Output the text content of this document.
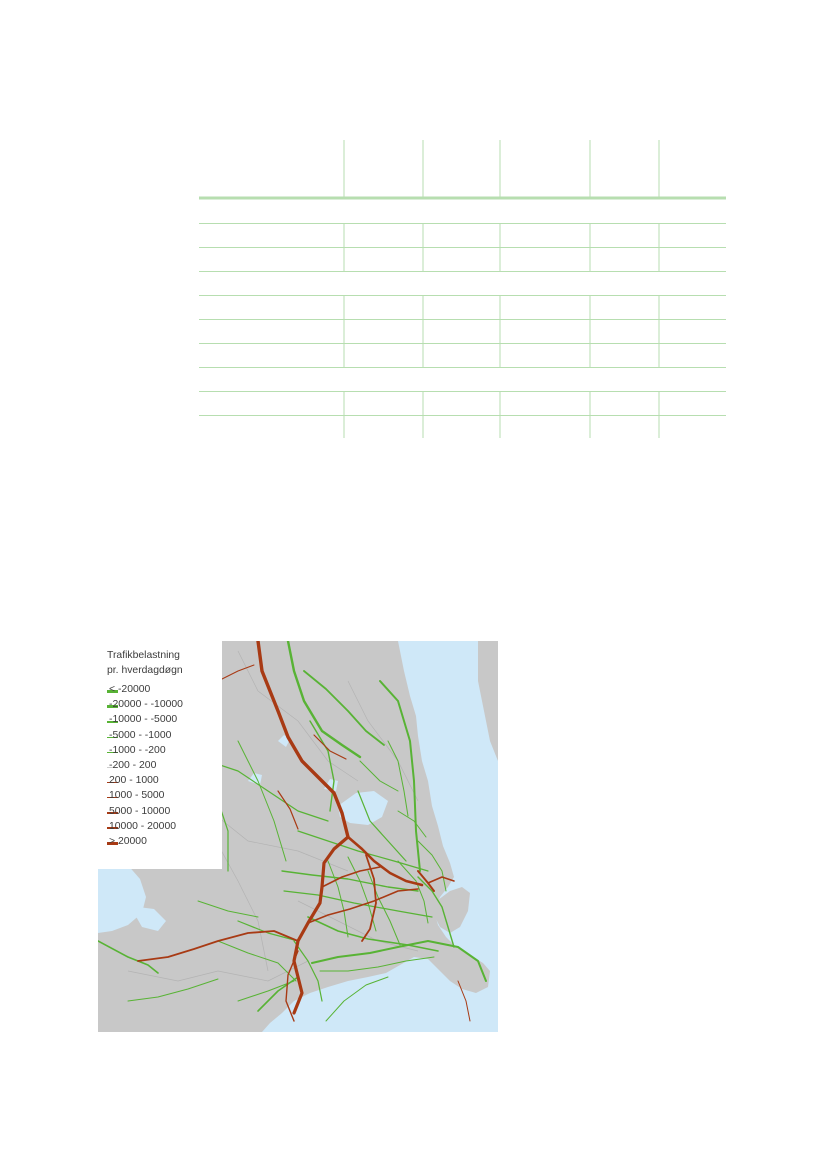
Trafikbelastning
pr. hverdagdøgn
< -20000
-20000 - -10000
-10000 - -5000
-5000 - -1000
-1000 - -200
-200 - 200
200 - 1000
1000 - 5000
5000 - 10000
10000 - 20000
> 20000
